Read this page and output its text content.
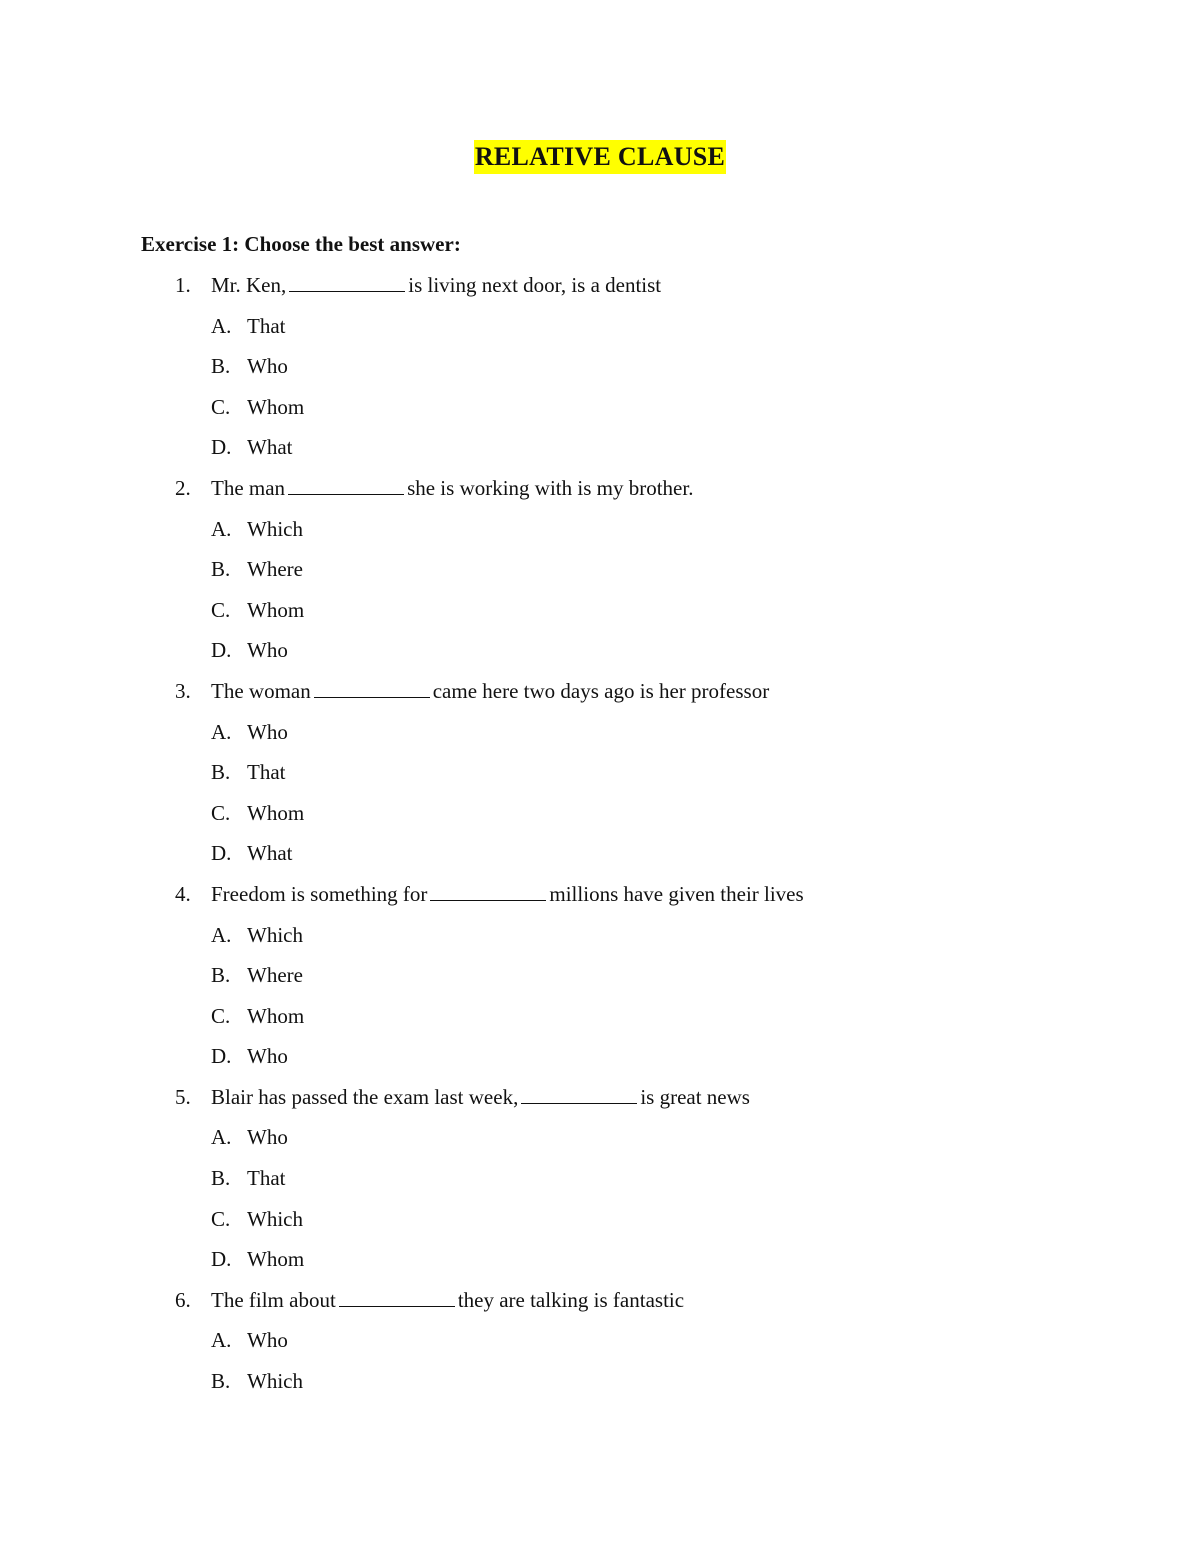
RELATIVE CLAUSE
Exercise 1: Choose the best answer:
1. Mr. Ken,	is living next door, is a dentist
A. That
B. Who
C. Whom
D. What
2. The man	she is working with is my brother.
A. Which
B. Where
C. Whom
D. Who
3. The woman	came here two days ago is her professor
A. Who
B. That
C. Whom
D. What
4. Freedom is something for	millions have given their lives
A. Which
B. Where
C. Whom
D. Who
5. Blair has passed the exam last week,	is great news
A. Who
B. That
C. Which
D. Whom
6. The film about	they are talking is fantastic
A. Who
B. Which
